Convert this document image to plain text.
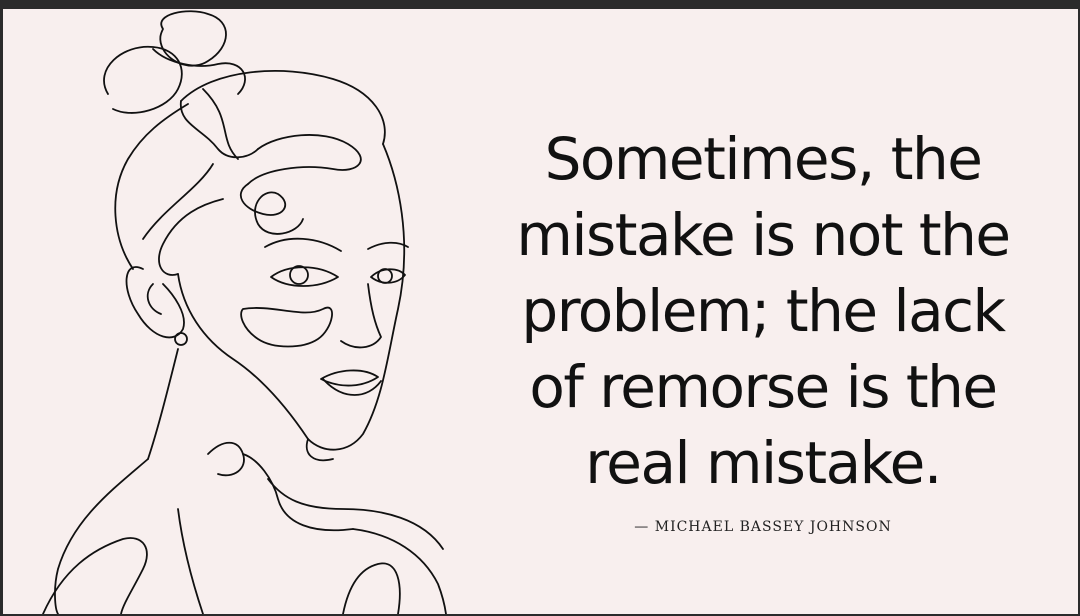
Sometimes, the
mistake is not the
problem; the lack
of remorse is the
real mistake.
— MICHAEL BASSEY JOHNSON
